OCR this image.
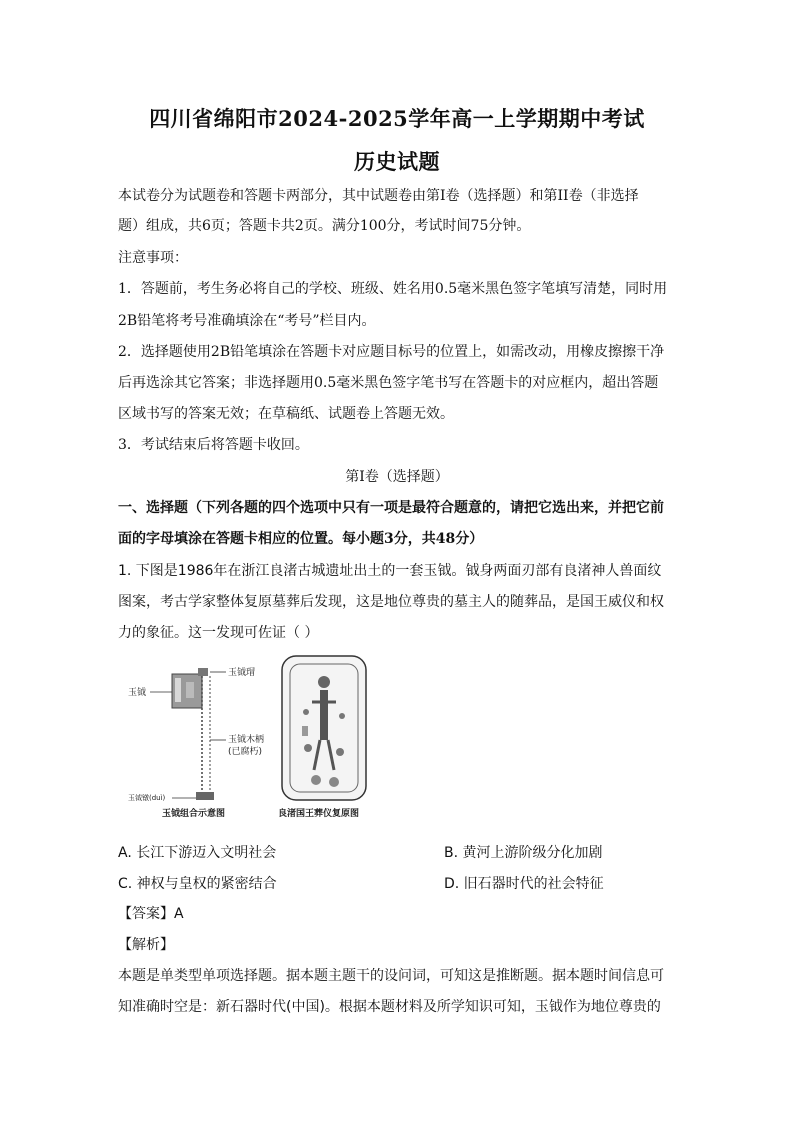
四川省绵阳市2024-2025学年高一上学期期中考试
历史试题
本试卷分为试题卷和答题卡两部分，其中试题卷由第I卷（选择题）和第II卷（非选择
题）组成，共6页；答题卡共2页。满分100分，考试时间75分钟。
注意事项：
1．答题前，考生务必将自己的学校、班级、姓名用0.5毫米黑色签字笔填写清楚，同时用
2B铅笔将考号准确填涂在“考号”栏目内。
2．选择题使用2B铅笔填涂在答题卡对应题目标号的位置上，如需改动，用橡皮擦擦干净
后再选涂其它答案；非选择题用0.5毫米黑色签字笔书写在答题卡的对应框内，超出答题
区域书写的答案无效；在草稿纸、试题卷上答题无效。
3．考试结束后将答题卡收回。
第I卷（选择题）
一、选择题（下列各题的四个选项中只有一项是最符合题意的，请把它选出来，并把它前
面的字母填涂在答题卡相应的位置。每小题3分，共48分）
1. 下图是1986年在浙江良渚古城遗址出土的一套玉钺。钺身两面刃部有良渚神人兽面纹
图案，考古学家整体复原墓葬后发现，这是地位尊贵的墓主人的随葬品，是国王威仪和权
力的象征。这一发现可佐证（ ）
玉钺瑁
玉钺
玉钺木柄
(已腐朽)
玉钺镦(duì)
玉钺组合示意图	良渚国王葬仪复原图
A. 长江下游迈入文明社会	B. 黄河上游阶级分化加剧
C. 神权与皇权的紧密结合	D. 旧石器时代的社会特征
【答案】A
【解析】
本题是单类型单项选择题。据本题主题干的设问词，可知这是推断题。据本题时间信息可
知准确时空是：新石器时代(中国)。根据本题材料及所学知识可知，玉钺作为地位尊贵的
